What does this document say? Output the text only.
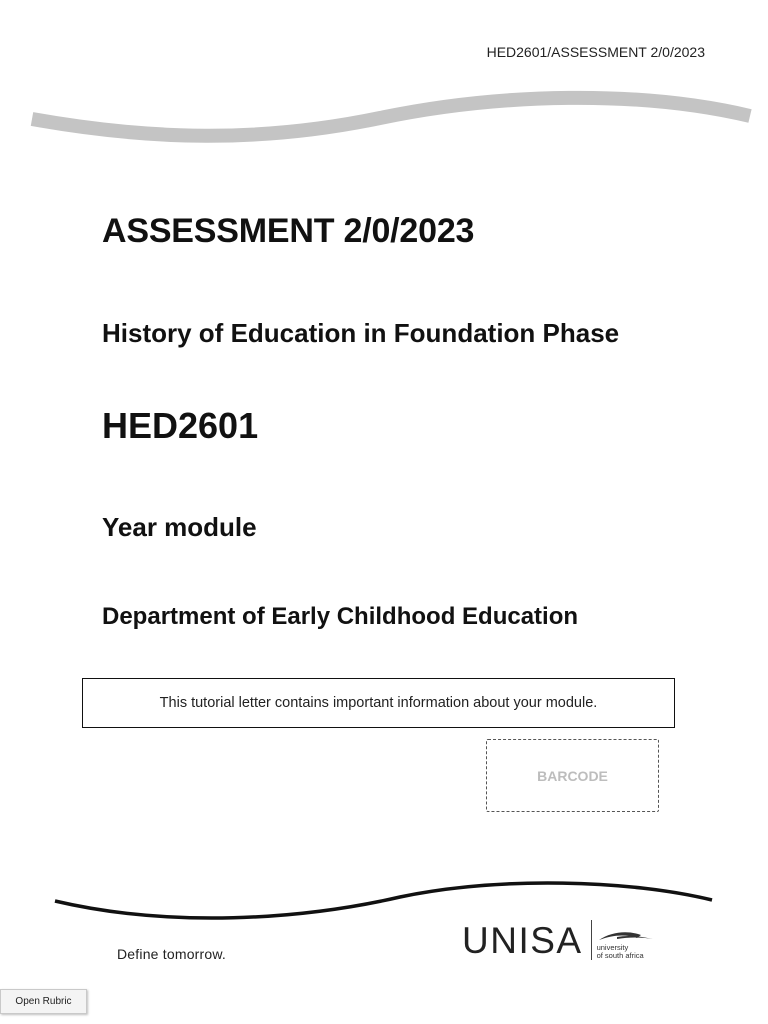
HED2601/ASSESSMENT 2/0/2023
ASSESSMENT 2/0/2023
History of Education in Foundation Phase
HED2601
Year module
Department of Early Childhood Education
This tutorial letter contains important information about your module.
BARCODE
Define tomorrow.	UNISA university
of south africa
Open Rubric
